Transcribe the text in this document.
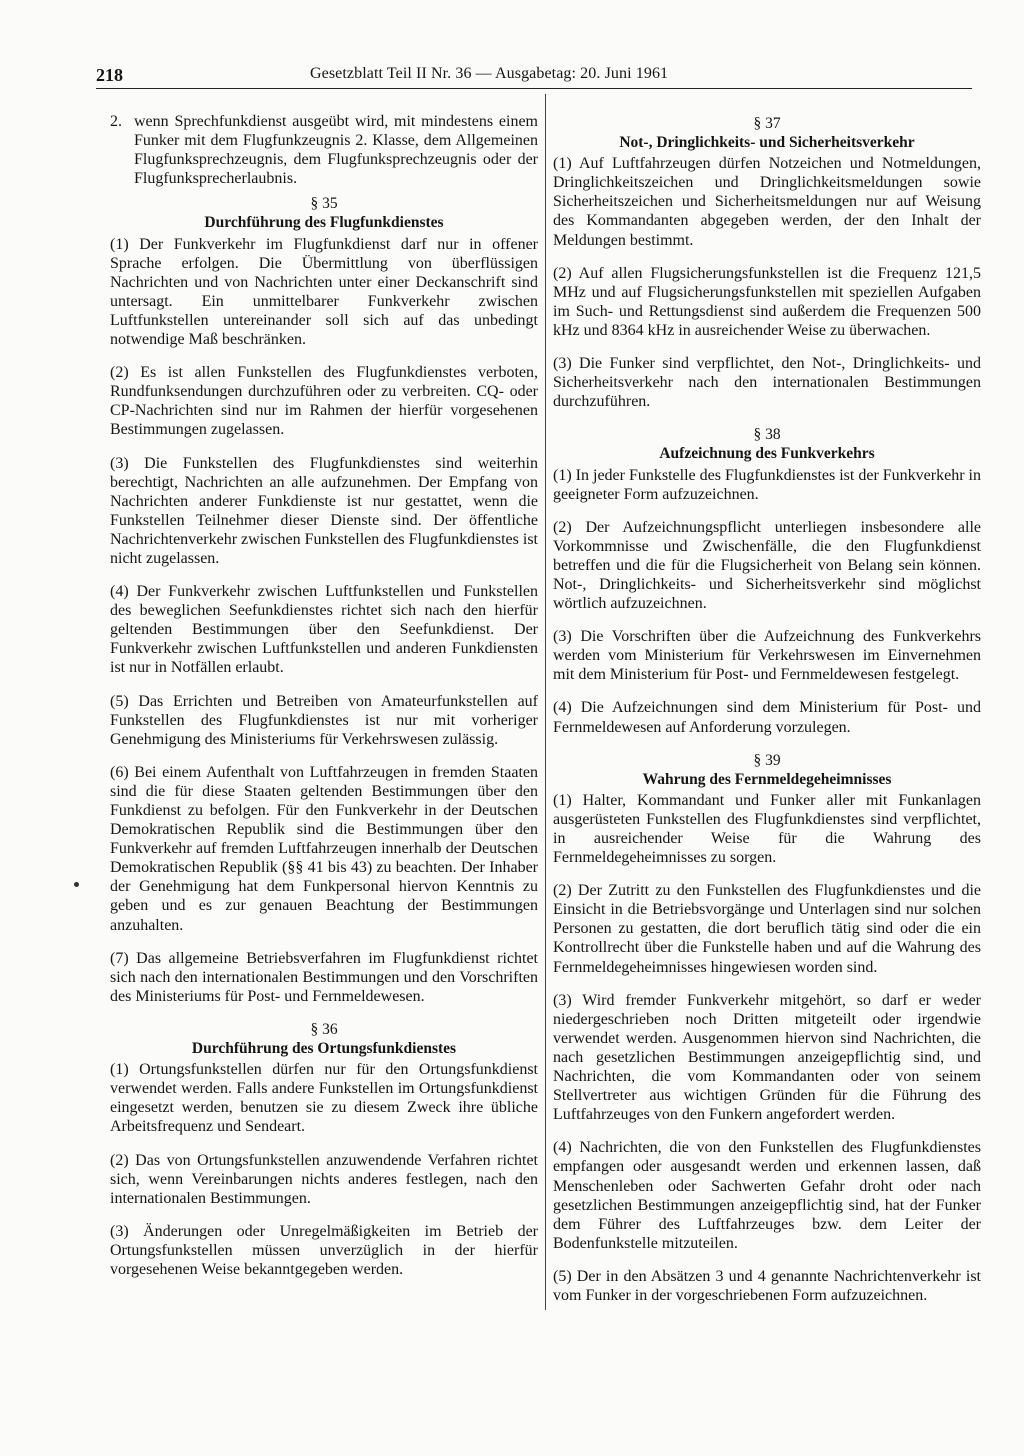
218	Gesetzblatt Teil II Nr. 36 — Ausgabetag: 20. Juni 1961
2. wenn Sprechfunkdienst ausgeübt wird, mit mindestens einem Funker mit dem Flugfunkzeugnis 2. Klasse, dem Allgemeinen Flugfunksprechzeugnis, dem Flugfunksprechzeugnis oder der Flugfunksprecherlaubnis.
§ 35
Durchführung des Flugfunkdienstes

(1) Der Funkverkehr im Flugfunkdienst darf nur in offener Sprache erfolgen. Die Übermittlung von überflüssigen Nachrichten und von Nachrichten unter einer Deckanschrift sind untersagt. Ein unmittelbarer Funkverkehr zwischen Luftfunkstellen untereinander soll sich auf das unbedingt notwendige Maß beschränken.

(2) Es ist allen Funkstellen des Flugfunkdienstes verboten, Rundfunksendungen durchzuführen oder zu verbreiten. CQ- oder CP-Nachrichten sind nur im Rahmen der hierfür vorgesehenen Bestimmungen zugelassen.

(3) Die Funkstellen des Flugfunkdienstes sind weiterhin berechtigt, Nachrichten an alle aufzunehmen. Der Empfang von Nachrichten anderer Funkdienste ist nur gestattet, wenn die Funkstellen Teilnehmer dieser Dienste sind. Der öffentliche Nachrichtenverkehr zwischen Funkstellen des Flugfunkdienstes ist nicht zugelassen.

(4) Der Funkverkehr zwischen Luftfunkstellen und Funkstellen des beweglichen Seefunkdienstes richtet sich nach den hierfür geltenden Bestimmungen über den Seefunkdienst. Der Funkverkehr zwischen Luftfunkstellen und anderen Funkdiensten ist nur in Notfällen erlaubt.

(5) Das Errichten und Betreiben von Amateurfunkstellen auf Funkstellen des Flugfunkdienstes ist nur mit vorheriger Genehmigung des Ministeriums für Verkehrswesen zulässig.

(6) Bei einem Aufenthalt von Luftfahrzeugen in fremden Staaten sind die für diese Staaten geltenden Bestimmungen über den Funkdienst zu befolgen. Für den Funkverkehr in der Deutschen Demokratischen Republik sind die Bestimmungen über den Funkverkehr auf fremden Luftfahrzeugen innerhalb der Deutschen Demokratischen Republik (§§ 41 bis 43) zu beachten. Der Inhaber der Genehmigung hat dem Funkpersonal hiervon Kenntnis zu geben und es zur genauen Beachtung der Bestimmungen anzuhalten.

(7) Das allgemeine Betriebsverfahren im Flugfunkdienst richtet sich nach den internationalen Bestimmungen und den Vorschriften des Ministeriums für Post- und Fernmeldewesen.

§ 36
Durchführung des Ortungsfunkdienstes

(1) Ortungsfunkstellen dürfen nur für den Ortungsfunkdienst verwendet werden. Falls andere Funkstellen im Ortungsfunkdienst eingesetzt werden, benutzen sie zu diesem Zweck ihre übliche Arbeitsfrequenz und Sendeart.

(2) Das von Ortungsfunkstellen anzuwendende Verfahren richtet sich, wenn Vereinbarungen nichts anderes festlegen, nach den internationalen Bestimmungen.

(3) Änderungen oder Unregelmäßigkeiten im Betrieb der Ortungsfunkstellen müssen unverzüglich in der hierfür vorgesehenen Weise bekanntgegeben werden.

§ 37
Not-, Dringlichkeits- und Sicherheitsverkehr

(1) Auf Luftfahrzeugen dürfen Notzeichen und Notmeldungen, Dringlichkeitszeichen und Dringlichkeitsmeldungen sowie Sicherheitszeichen und Sicherheitsmeldungen nur auf Weisung des Kommandanten abgegeben werden, der den Inhalt der Meldungen bestimmt.

(2) Auf allen Flugsicherungsfunkstellen ist die Frequenz 121,5 MHz und auf Flugsicherungsfunkstellen mit speziellen Aufgaben im Such- und Rettungsdienst sind außerdem die Frequenzen 500 kHz und 8364 kHz in ausreichender Weise zu überwachen.

(3) Die Funker sind verpflichtet, den Not-, Dringlichkeits- und Sicherheitsverkehr nach den internationalen Bestimmungen durchzuführen.

§ 38
Aufzeichnung des Funkverkehrs

(1) In jeder Funkstelle des Flugfunkdienstes ist der Funkverkehr in geeigneter Form aufzuzeichnen.

(2) Der Aufzeichnungspflicht unterliegen insbesondere alle Vorkommnisse und Zwischenfälle, die den Flugfunkdienst betreffen und die für die Flugsicherheit von Belang sein können. Not-, Dringlichkeits- und Sicherheitsverkehr sind möglichst wörtlich aufzuzeichnen.

(3) Die Vorschriften über die Aufzeichnung des Funkverkehrs werden vom Ministerium für Verkehrswesen im Einvernehmen mit dem Ministerium für Post- und Fernmeldewesen festgelegt.

(4) Die Aufzeichnungen sind dem Ministerium für Post- und Fernmeldewesen auf Anforderung vorzulegen.

§ 39
Wahrung des Fernmeldegeheimnisses

(1) Halter, Kommandant und Funker aller mit Funkanlagen ausgerüsteten Funkstellen des Flugfunkdienstes sind verpflichtet, in ausreichender Weise für die Wahrung des Fernmeldegeheimnisses zu sorgen.

(2) Der Zutritt zu den Funkstellen des Flugfunkdienstes und die Einsicht in die Betriebsvorgänge und Unterlagen sind nur solchen Personen zu gestatten, die dort beruflich tätig sind oder die ein Kontrollrecht über die Funkstelle haben und auf die Wahrung des Fernmeldegeheimnisses hingewiesen worden sind.

(3) Wird fremder Funkverkehr mitgehört, so darf er weder niedergeschrieben noch Dritten mitgeteilt oder irgendwie verwendet werden. Ausgenommen hiervon sind Nachrichten, die nach gesetzlichen Bestimmungen anzeigepflichtig sind, und Nachrichten, die vom Kommandanten oder von seinem Stellvertreter aus wichtigen Gründen für die Führung des Luftfahrzeuges von den Funkern angefordert werden.

(4) Nachrichten, die von den Funkstellen des Flugfunkdienstes empfangen oder ausgesandt werden und erkennen lassen, daß Menschenleben oder Sachwerten Gefahr droht oder nach gesetzlichen Bestimmungen anzeigepflichtig sind, hat der Funker dem Führer des Luftfahrzeuges bzw. dem Leiter der Bodenfunkstelle mitzuteilen.

(5) Der in den Absätzen 3 und 4 genannte Nachrichtenverkehr ist vom Funker in der vorgeschriebenen Form aufzuzeichnen.
